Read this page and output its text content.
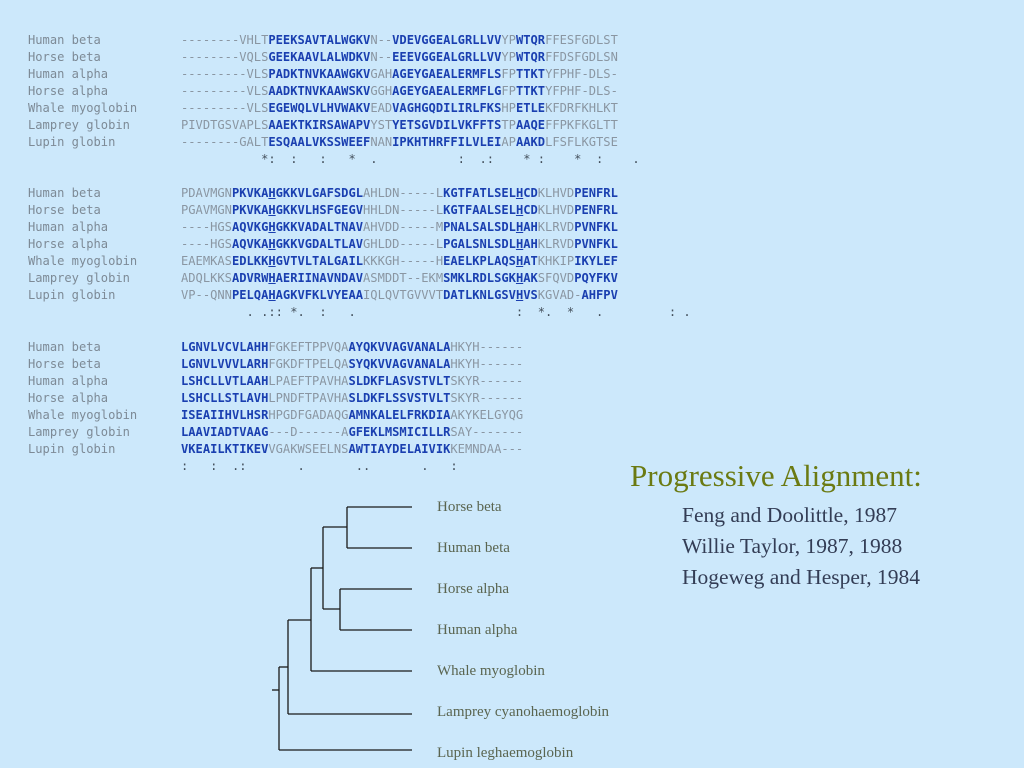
Human beta	--------VHLTPEEKSAVTALWGKVN--VDEVGGEALGRLLVVYPWTQRFFESFGDLST
Horse beta	--------VQLSGEEKAAVLALWDKVN--EEEVGGEALGRLLVVYPWTQRFFDSFGDLSN
Human alpha	---------VLSPADKTNVKAAWGKVGAHAGEYGAEALERMFLSFPTTKTYFPHF-DLS-
Horse alpha	---------VLSAADKTNVKAAWSKVGGHAGEYGAEALERMFLGFPTTKTYFPHF-DLS-
Whale myoglobin	---------VLSEGEWQLVLHVWAKVEADVAGHGQDILIRLFKSHPETLEKFDRFKHLKT
Lamprey globin	PIVDTGSVAPLSAAEKTKIRSAWAPVYSTYETSGVDILVKFFTSTPAAQEFFPKFKGLTT
Lupin globin	--------GALTESQAALVKSSWEEFNANIPKHTHRFFILVLEIAPAAKDLFSFLKGTSE
*:  :   :   *  .           :  .:    * :    *  :    .
Human beta	PDAVMGNPKVKAHGKKVLGAFSDGLAHLDN-----LKGTFATLSELHCDKLHVDPENFRL
Horse beta	PGAVMGNPKVKAHGKKVLHSFGEGVHHLDN-----LKGTFAALSELHCDKLHVDPENFRL
Human alpha	----HGSAQVKGHGKKVADALTNAVAHVDD-----MPNALSALSDLHAHKLRVDPVNFKL
Horse alpha	----HGSAQVKAHGKKVGDALTLAVGHLDD-----LPGALSNLSDLHAHKLRVDPVNFKL
Whale myoglobin	EAEMKASEDLKKHGVTVLTALGAILKKKGH-----HEAELKPLAQSHATKHKIPIKYLEF
Lamprey globin	ADQLKKSADVRWHAERIINAVNDAVASMDDT--EKMSMKLRDLSGKHAKSFQVDPQYFKV
Lupin globin	VP--QNNPELQAHAGKVFKLVYEAAIQLQVTGVVVTDATLKNLGSVHVSKGVAD-AHFPV
. .:: *.  :   .                      :  *.  *   .         : .
Human beta	LGNVLVCVLAHHFGKEFTPPVQAAYQKVVAGVANALAHKYH------
Horse beta	LGNVLVVVLARHFGKDFTPELQASYQKVVAGVANALAHKYH------
Human alpha	LSHCLLVTLAAHLPAEFTPAVHASLDKFLASVSTVLTSKYR------
Horse alpha	LSHCLLSTLAVHLPNDFTPAVHASLDKFLSSVSTVLTSKYR------
Whale myoglobin	ISEAIIHVLHSRHPGDFGADAQGAMNKALELFRKDIAAKYKELGYQG
Lamprey globin	LAAVIADTVAAG---D------AGFEKLMSMICILLRSAY-------
Lupin globin	VKEAILKTIKEVVGAKWSEELNSAWTIAYDELAIVIKKEMNDAA---
:   :  .:       .       ..       .   :
Horse beta
Human beta
Horse alpha
Human alpha
Whale myoglobin
Lamprey cyanohaemoglobin
Lupin leghaemoglobin
Progressive Alignment:
Feng and Doolittle, 1987
Willie Taylor, 1987, 1988
Hogeweg and Hesper, 1984
